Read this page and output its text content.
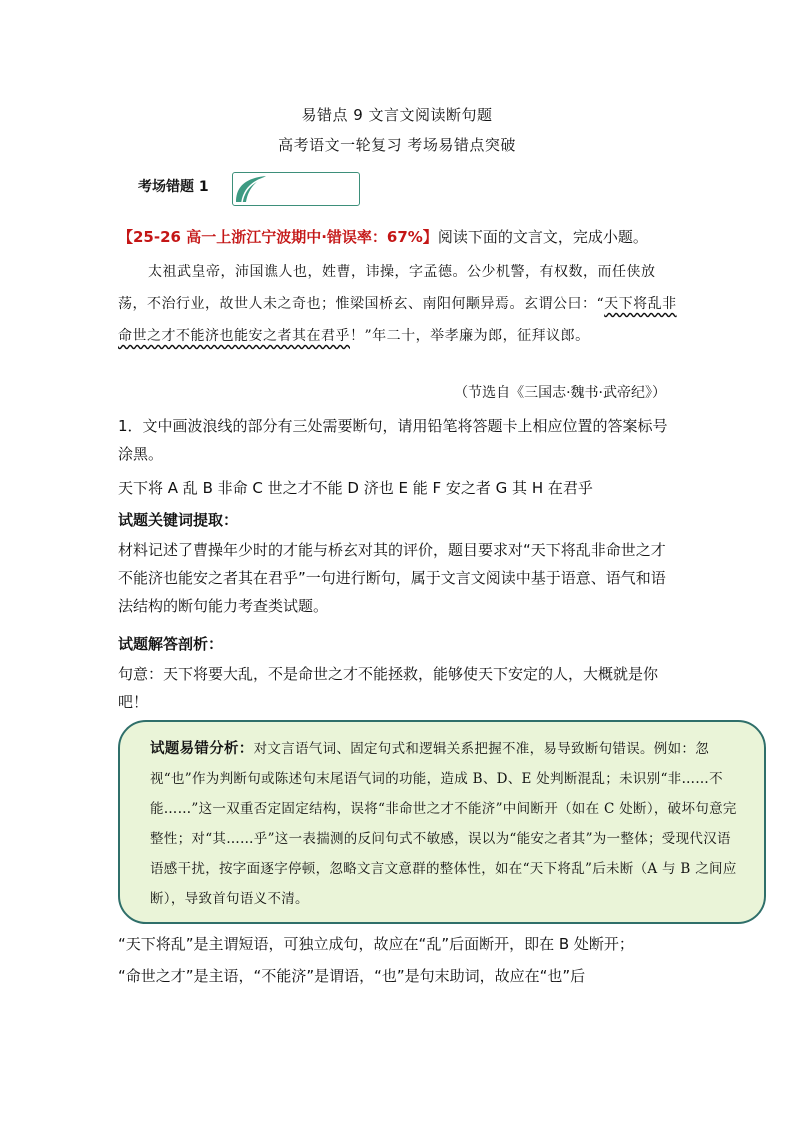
易错点 9 文言文阅读断句题
高考语文一轮复习 考场易错点突破
考场错题 1
【25-26 高一上浙江宁波期中·错误率：67%】阅读下面的文言文，完成小题。
太祖武皇帝，沛国谯人也，姓曹，讳操，字孟德。公少机警，有权数，而任侠放荡，不治行业，故世人未之奇也；惟梁国桥玄、南阳何颙异焉。玄谓公曰：“天下将乱非命世之才不能济也能安之者其在君乎！”年二十，举孝廉为郎，征拜议郎。
（节选自《三国志·魏书·武帝纪》）
1．文中画波浪线的部分有三处需要断句，请用铅笔将答题卡上相应位置的答案标号涂黑。
天下将 A 乱 B 非命 C 世之才不能 D 济也 E 能 F 安之者 G 其 H 在君乎
试题关键词提取：
材料记述了曹操年少时的才能与桥玄对其的评价，题目要求对“天下将乱非命世之才不能济也能安之者其在君乎”一句进行断句，属于文言文阅读中基于语意、语气和语法结构的断句能力考查类试题。
试题解答剖析：
句意：天下将要大乱，不是命世之才不能拯救，能够使天下安定的人，大概就是你吧！
试题易错分析：对文言语气词、固定句式和逻辑关系把握不准，易导致断句错误。例如：忽视“也”作为判断句或陈述句末尾语气词的功能，造成 B、D、E 处判断混乱；未识别“非……不能……”这一双重否定固定结构，误将“非命世之才不能济”中间断开（如在 C 处断），破坏句意完整性；对“其……乎”这一表揣测的反问句式不敏感，误以为“能安之者其”为一整体；受现代汉语语感干扰，按字面逐字停顿，忽略文言文意群的整体性，如在“天下将乱”后未断（A 与 B 之间应断），导致首句语义不清。
“天下将乱”是主谓短语，可独立成句，故应在“乱”后面断开，即在 B 处断开；
“命世之才”是主语，“不能济”是谓语，“也”是句末助词，故应在“也”后
